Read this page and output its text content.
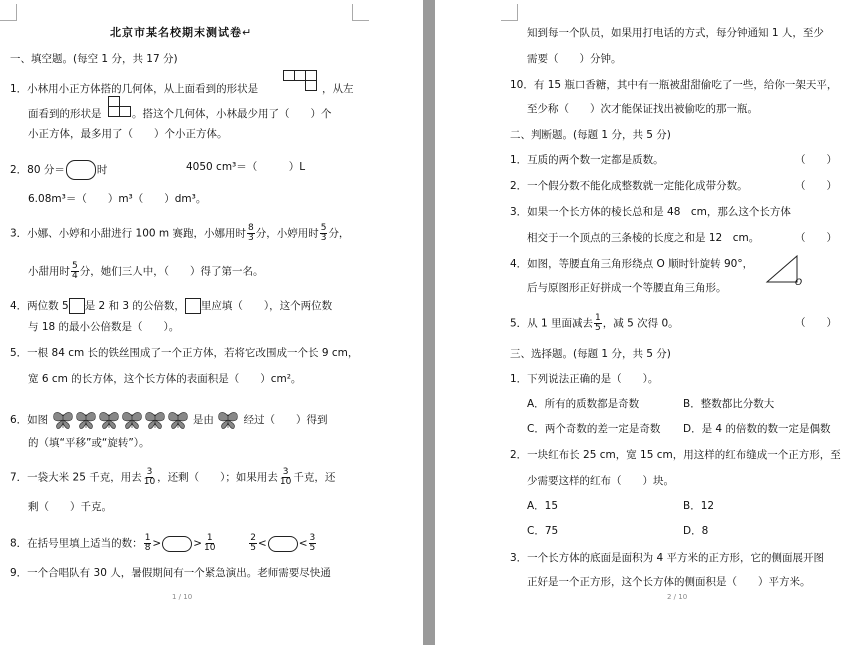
北京市某名校期末测试卷↵
一、填空题。(每空 1 分，共 17 分)
1．小林用小正方体搭的几何体，从上面看到的形状是	，从左
面看到的形状是	。搭这个几何体，小林最少用了（　　）个
小正方体，最多用了（　　）个小正方体。
2．80 分＝	时	4050 cm³＝（　　　）L
6.08m³＝（　　）m³（　　）dm³。
3．小娜、小婷和小甜进行 100 m 赛跑，小娜用时 $\frac{8}{3}$ 分，小婷用时 $\frac{5}{3}$ 分，
小甜用时 $\frac{5}{4}$ 分，她们三人中，（　　）得了第一名。
4．两位数 5 是 2 和 3 的公倍数， 里应填（　　），这个两位数
与 18 的最小公倍数是（　　）。
5．一根 84 cm 长的铁丝围成了一个正方体，若将它改围成一个长 9 cm，
宽 6 cm 的长方体，这个长方体的表面积是（　　）cm²。
6．如图	是由	经过（　　）得到
的（填“平移”或“旋转”）。
7．一袋大米 25 千克，用去 $\frac{3}{10}$ ，还剩（　　）；如果用去 $\frac{3}{10}$ 千克，还
剩（　　）千克。
8．在括号里填上适当的数： $\frac{1}{8}$ >	> $\frac{1}{10}$
	$\frac{2}{5}$ <	< $\frac{3}{5}$
9．一个合唱队有 30 人，暑假期间有一个紧急演出。老师需要尽快通
1 / 10
知到每一个队员，如果用打电话的方式，每分钟通知 1 人，至少
需要（　　）分钟。
10．有 15 瓶口香糖，其中有一瓶被甜甜偷吃了一些，给你一架天平，
至少称（　　）次才能保证找出被偷吃的那一瓶。
二、判断题。(每题 1 分，共 5 分)
1．互质的两个数一定都是质数。	（　　）
2．一个假分数不能化成整数就一定能化成带分数。	（　　）
3．如果一个长方体的棱长总和是 48　cm，那么这个长方体
相交于一个顶点的三条棱的长度之和是 12　cm。	（　　）
4．如图，等腰直角三角形绕点 O 顺时针旋转 90°，
O
后与原图形正好拼成一个等腰直角三角形。
5．从 1 里面减去 $\frac{1}{5}$ ，减 5 次得 0。	（　　）
三、选择题。(每题 1 分，共 5 分)
1．下列说法正确的是（　　）。
A．所有的质数都是奇数	B．整数都比分数大
C．两个奇数的差一定是奇数 D．是 4 的倍数的数一定是偶数
2．一块红布长 25 cm，宽 15 cm，用这样的红布缝成一个正方形，至
少需要这样的红布（　　）块。
A．15	B．12
C．75	D．8
3．一个长方体的底面是面积为 4 平方米的正方形，它的侧面展开图
正好是一个正方形，这个长方体的侧面积是（　　）平方米。
2 / 10
